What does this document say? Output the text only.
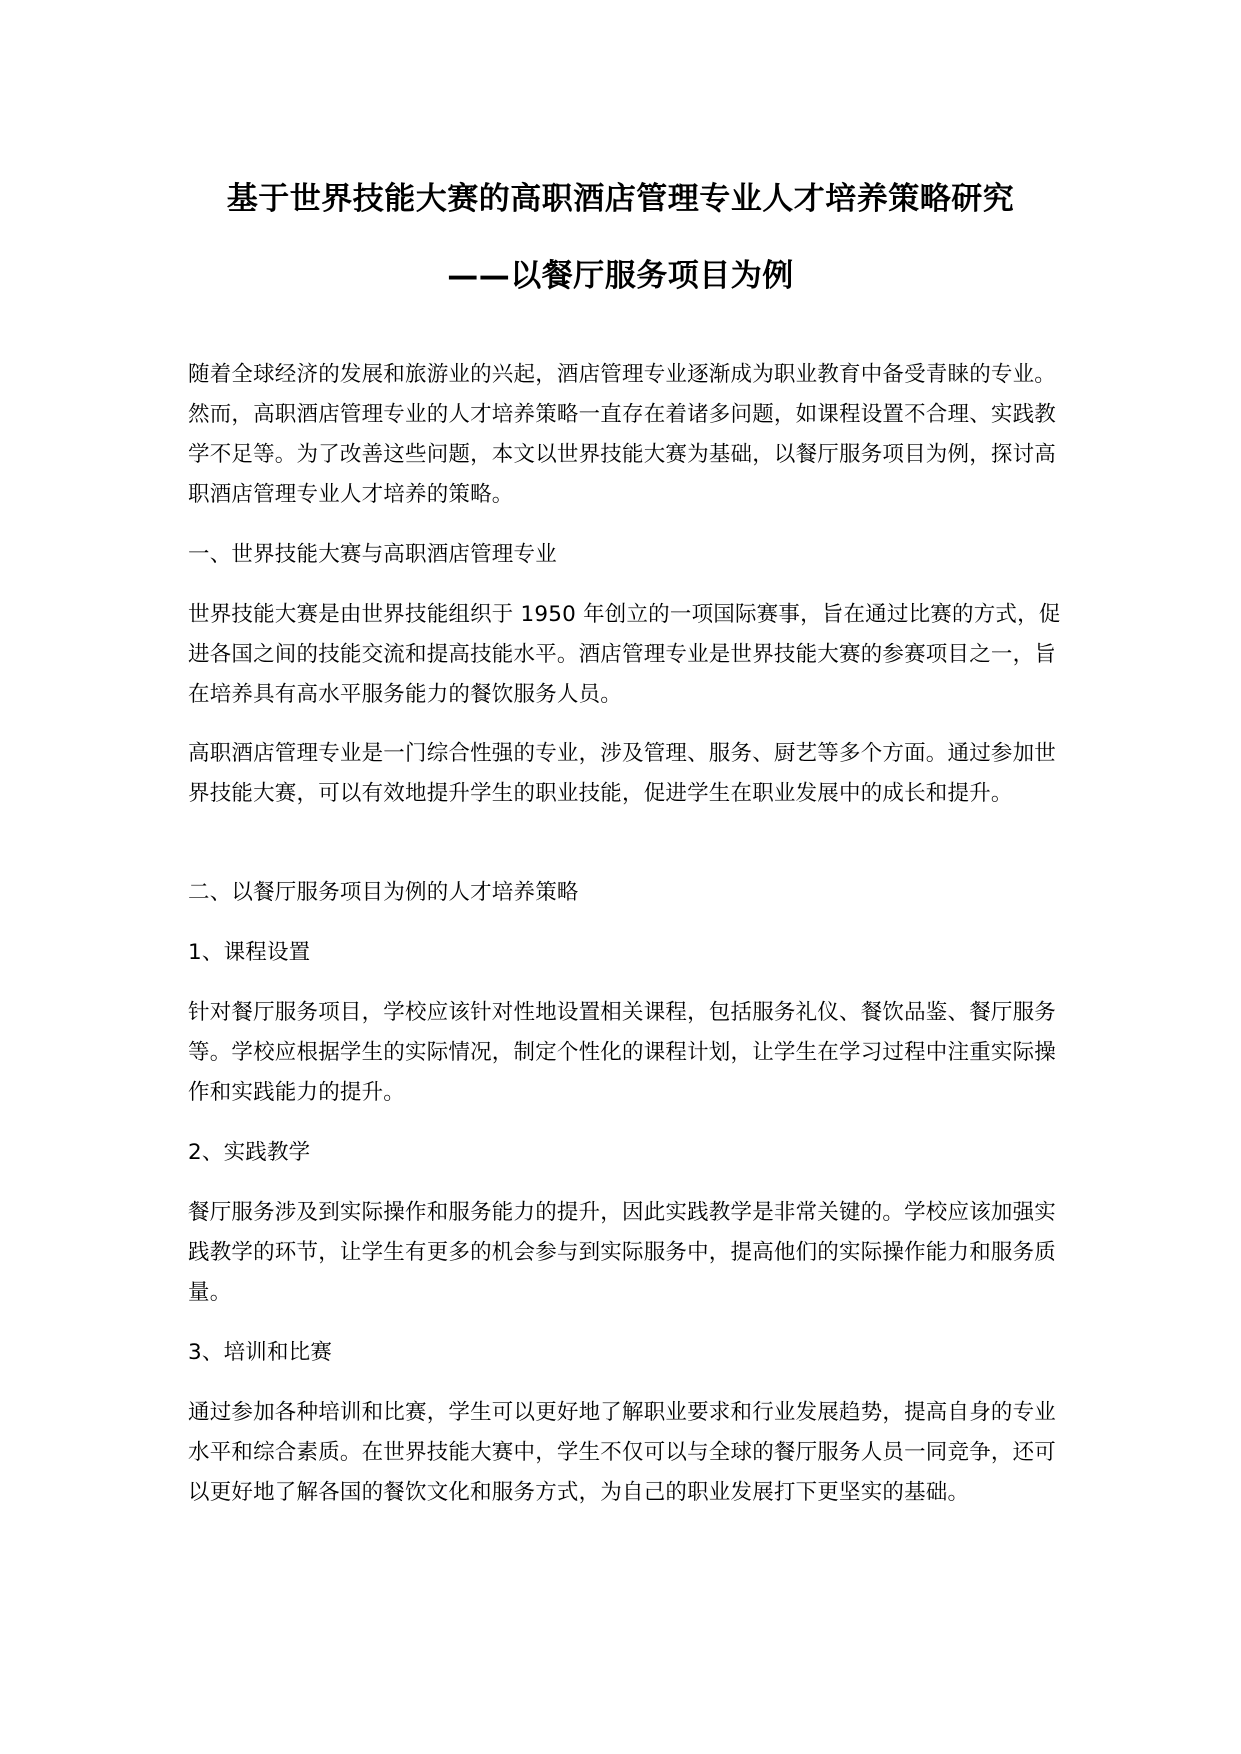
基于世界技能大赛的高职酒店管理专业人才培养策略研究
——以餐厅服务项目为例

随着全球经济的发展和旅游业的兴起，酒店管理专业逐渐成为职业教育中备受青睐的专业。然而，高职酒店管理专业的人才培养策略一直存在着诸多问题，如课程设置不合理、实践教学不足等。为了改善这些问题，本文以世界技能大赛为基础，以餐厅服务项目为例，探讨高职酒店管理专业人才培养的策略。

一、世界技能大赛与高职酒店管理专业

世界技能大赛是由世界技能组织于 1950 年创立的一项国际赛事，旨在通过比赛的方式，促进各国之间的技能交流和提高技能水平。酒店管理专业是世界技能大赛的参赛项目之一，旨在培养具有高水平服务能力的餐饮服务人员。

高职酒店管理专业是一门综合性强的专业，涉及管理、服务、厨艺等多个方面。通过参加世界技能大赛，可以有效地提升学生的职业技能，促进学生在职业发展中的成长和提升。

二、以餐厅服务项目为例的人才培养策略

1、课程设置

针对餐厅服务项目，学校应该针对性地设置相关课程，包括服务礼仪、餐饮品鉴、餐厅服务等。学校应根据学生的实际情况，制定个性化的课程计划，让学生在学习过程中注重实际操作和实践能力的提升。

2、实践教学

餐厅服务涉及到实际操作和服务能力的提升，因此实践教学是非常关键的。学校应该加强实践教学的环节，让学生有更多的机会参与到实际服务中，提高他们的实际操作能力和服务质量。

3、培训和比赛

通过参加各种培训和比赛，学生可以更好地了解职业要求和行业发展趋势，提高自身的专业水平和综合素质。在世界技能大赛中，学生不仅可以与全球的餐厅服务人员一同竞争，还可以更好地了解各国的餐饮文化和服务方式，为自己的职业发展打下更坚实的基础。
